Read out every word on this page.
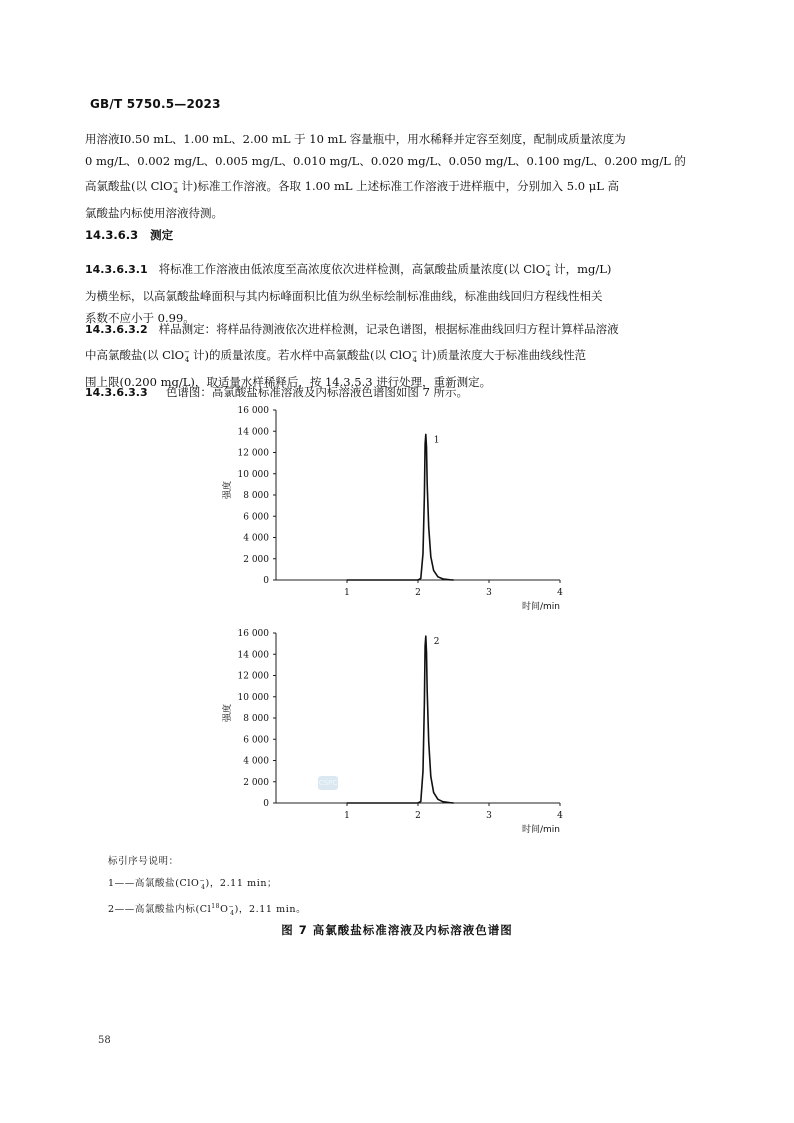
GB/T 5750.5—2023
用溶液Ⅰ0.50 mL、1.00 mL、2.00 mL 于 10 mL 容量瓶中，用水稀释并定容至刻度，配制成质量浓度为
0 mg/L、0.002 mg/L、0.005 mg/L、0.010 mg/L、0.020 mg/L、0.050 mg/L、0.100 mg/L、0.200 mg/L 的
高氯酸盐(以 ClO−$_4$ 计)标准工作溶液。各取 1.00 mL 上述标准工作溶液于进样瓶中，分别加入 5.0 μL 高
氯酸盐内标使用溶液待测。
14.3.6.3 测定
14.3.6.3.1 将标准工作溶液由低浓度至高浓度依次进样检测，高氯酸盐质量浓度(以 ClO−$_4$ 计，mg/L)
为横坐标，以高氯酸盐峰面积与其内标峰面积比值为纵坐标绘制标准曲线，标准曲线回归方程线性相关
系数不应小于 0.99。
14.3.6.3.2 样品测定：将样品待测液依次进样检测，记录色谱图，根据标准曲线回归方程计算样品溶液
中高氯酸盐(以 ClO−$_4$ 计)的质量浓度。若水样中高氯酸盐(以 ClO−$_4$ 计)质量浓度大于标准曲线线性范
围上限(0.200 mg/L)，取适量水样稀释后，按 14.3.5.3 进行处理，重新测定。
14.3.6.3.3 色谱图：高氯酸盐标准溶液及内标溶液色谱图如图 7 所示。
0
2 000
4 000
6 000
8 000
10 000
12 000
14 000
16 000
1	2	3	4
强度
时间/min
1
0
2 000
4 000
6 000
8 000
10 000
12 000
14 000
16 000
1	2	3	4
强度
时间/min
2
CSPC
标引序号说明：
1——高氯酸盐(ClO−$_4$)，2.11 min；
2——高氯酸盐内标$(Cl^{18}O^-_4)$，2.11 min。
图 7 高氯酸盐标准溶液及内标溶液色谱图
58
